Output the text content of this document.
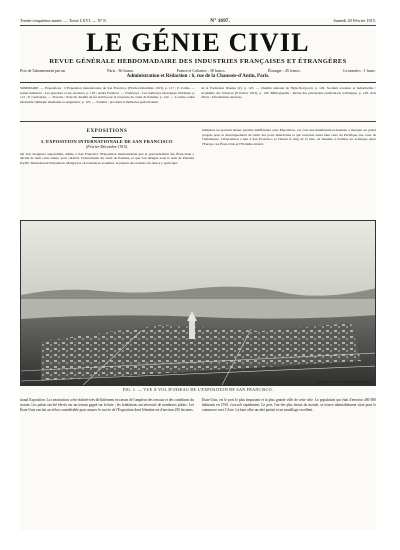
Trente-cinquième année. — Tome LXVI. — N° 8.	N° 1697.	Samedi 20 Février 1915.
LE GÉNIE CIVIL
REVUE GÉNÉRALE HEBDOMADAIRE DES INDUSTRIES FRANÇAISES ET ÉTRANGÈRES
Prix de l'abonnement par an	Paris : 36 francs.	France et Colonies : 38 francs.	Étranger : 45 francs.	Le numéro : 1 franc.
Administration et Rédaction : 6, rue de la Chaussée-d'Antin, Paris.
SOMMAIRE. — Expositions : L'Exposition internationale de San Francisco (Février-Décembre 1915), p. 117 ; P. Calfas. — Génie industriel : Les gazoducs et les oléoducs, p. 118 ; André Frémont. — Tramways : Les tramways électriques d'Orléans, p. 121 ; P. Caufourier. — Travaux : Pont du chemin de fer établi pour la traversée du canal de Panama, p. 122. — La lutte contre l'industrie chimique allemande et Angleterre, p. 123. — Variétés : procédés et méthodes perfectionnés
de la Formation Moulée (2), p. 125. — Chemin national de Nijni-Novgorod, p. 126. Sociétés savantes et industrielles : Académie des Sciences (8 février 1915), p. 126. Bibliographie : Revue des principales publications techniques, p. 128. Avis divers : Informations diverses.
EXPOSITIONS
L'EXPOSITION INTERNATIONALE DE SAN FRANCISCO
(Février-Décembre 1915).
On doit inaugurer aujourd'hui, même à San Francisco l'Exposition internationale que le gouvernement des États-Unis a décidé de tenir cette année, pour célébrer l'achèvement du canal de Panama, et que l'on désigne sous le nom de Panama Pacific International Exposition. Malgré les circonstances actuelles, la plupart des nations ont tenu à y participer.
militaires ne peuvent laisser paraître indifférente cette Exposition, car c'est une manifestation destinée à marquer un grand progrès pour le développement du trafic des ports américains et qui concerne aussi bien ceux du Pacifique que ceux de l'Atlantique. L'Exposition a lieu à San Francisco et s'étend le long de la baie, de manière à faciliter les échanges entre l'Europe, les États-Unis et l'Extrême-Orient.
Copyright 1913 — Panama Pacific Exposition.
FIG. 1. — VUE À VOL D'OISEAU DE L'EXPOSITION DE SAN FRANCISCO.
tional Exposition. La construction a été réalisée très difficilement en raison de l'ampleur des travaux et des conditions du terrain. Les palais ont été élevés sur un terrain gagné sur la baie ; les fondations ont nécessité de nombreux pilotis. Les États-Unis ont fait un effort considérable pour assurer le succès de l'Exposition dont l'étendue est d'environ 250 hectares.
Etats-Unis, est le port le plus important et la plus grande ville de cette côte. La population qui était d'environ 400 000 habitants en 1910, s'accroît rapidement. Le port, l'un des plus beaux du monde, se trouve admirablement situé pour le commerce avec l'Asie. La baie offre un abri parfait et un mouillage excellent.
